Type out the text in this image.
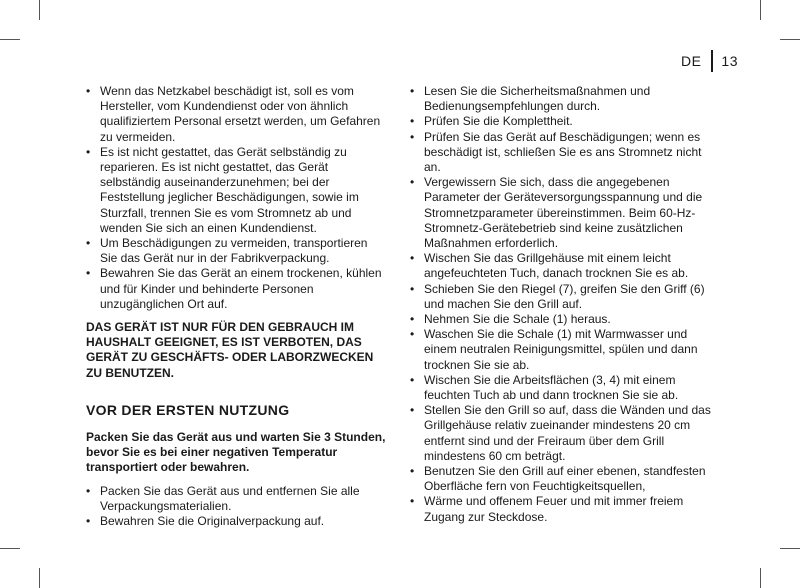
DE 13
• Wenn das Netzkabel beschädigt ist, soll es vom Hersteller, vom Kundendienst oder von ähnlich qualifiziertem Personal ersetzt werden, um Gefahren zu vermeiden.
• Es ist nicht gestattet, das Gerät selbständig zu reparieren. Es ist nicht gestattet, das Gerät selbständig auseinanderzunehmen; bei der Feststellung jeglicher Beschädigungen, sowie im Sturzfall, trennen Sie es vom Stromnetz ab und wenden Sie sich an einen Kundendienst.
• Um Beschädigungen zu vermeiden, transportieren Sie das Gerät nur in der Fabrikverpackung.
• Bewahren Sie das Gerät an einem trockenen, kühlen und für Kinder und behinderte Personen unzugänglichen Ort auf.
DAS GERÄT IST NUR FÜR DEN GEBRAUCH IM HAUSHALT GEEIGNET, ES IST VERBOTEN, DAS GERÄT ZU GESCHÄFTS- ODER LABORZWECKEN ZU BENUTZEN.
VOR DER ERSTEN NUTZUNG
Packen Sie das Gerät aus und warten Sie 3 Stunden, bevor Sie es bei einer negativen Temperatur transportiert oder bewahren.
• Packen Sie das Gerät aus und entfernen Sie alle Verpackungsmaterialien.
• Bewahren Sie die Originalverpackung auf.
• Lesen Sie die Sicherheitsmaßnahmen und Bedienungsempfehlungen durch.
• Prüfen Sie die Komplettheit.
• Prüfen Sie das Gerät auf Beschädigungen; wenn es beschädigt ist, schließen Sie es ans Stromnetz nicht an.
• Vergewissern Sie sich, dass die angegebenen Parameter der Geräteversorgungsspannung und die Stromnetzparameter übereinstimmen. Beim 60-Hz-Stromnetz-Gerätebetrieb sind keine zusätzlichen Maßnahmen erforderlich.
• Wischen Sie das Grillgehäuse mit einem leicht angefeuchteten Tuch, danach trocknen Sie es ab.
• Schieben Sie den Riegel (7), greifen Sie den Griff (6) und machen Sie den Grill auf.
• Nehmen Sie die Schale (1) heraus.
• Waschen Sie die Schale (1) mit Warmwasser und einem neutralen Reinigungsmittel, spülen und dann trocknen Sie sie ab.
• Wischen Sie die Arbeitsflächen (3, 4) mit einem feuchten Tuch ab und dann trocknen Sie sie ab.
• Stellen Sie den Grill so auf, dass die Wänden und das Grillgehäuse relativ zueinander mindestens 20 cm entfernt sind und der Freiraum über dem Grill mindestens 60 cm beträgt.
• Benutzen Sie den Grill auf einer ebenen, standfesten Oberfläche fern von Feuchtigkeitsquellen,
• Wärme und offenem Feuer und mit immer freiem Zugang zur Steckdose.
